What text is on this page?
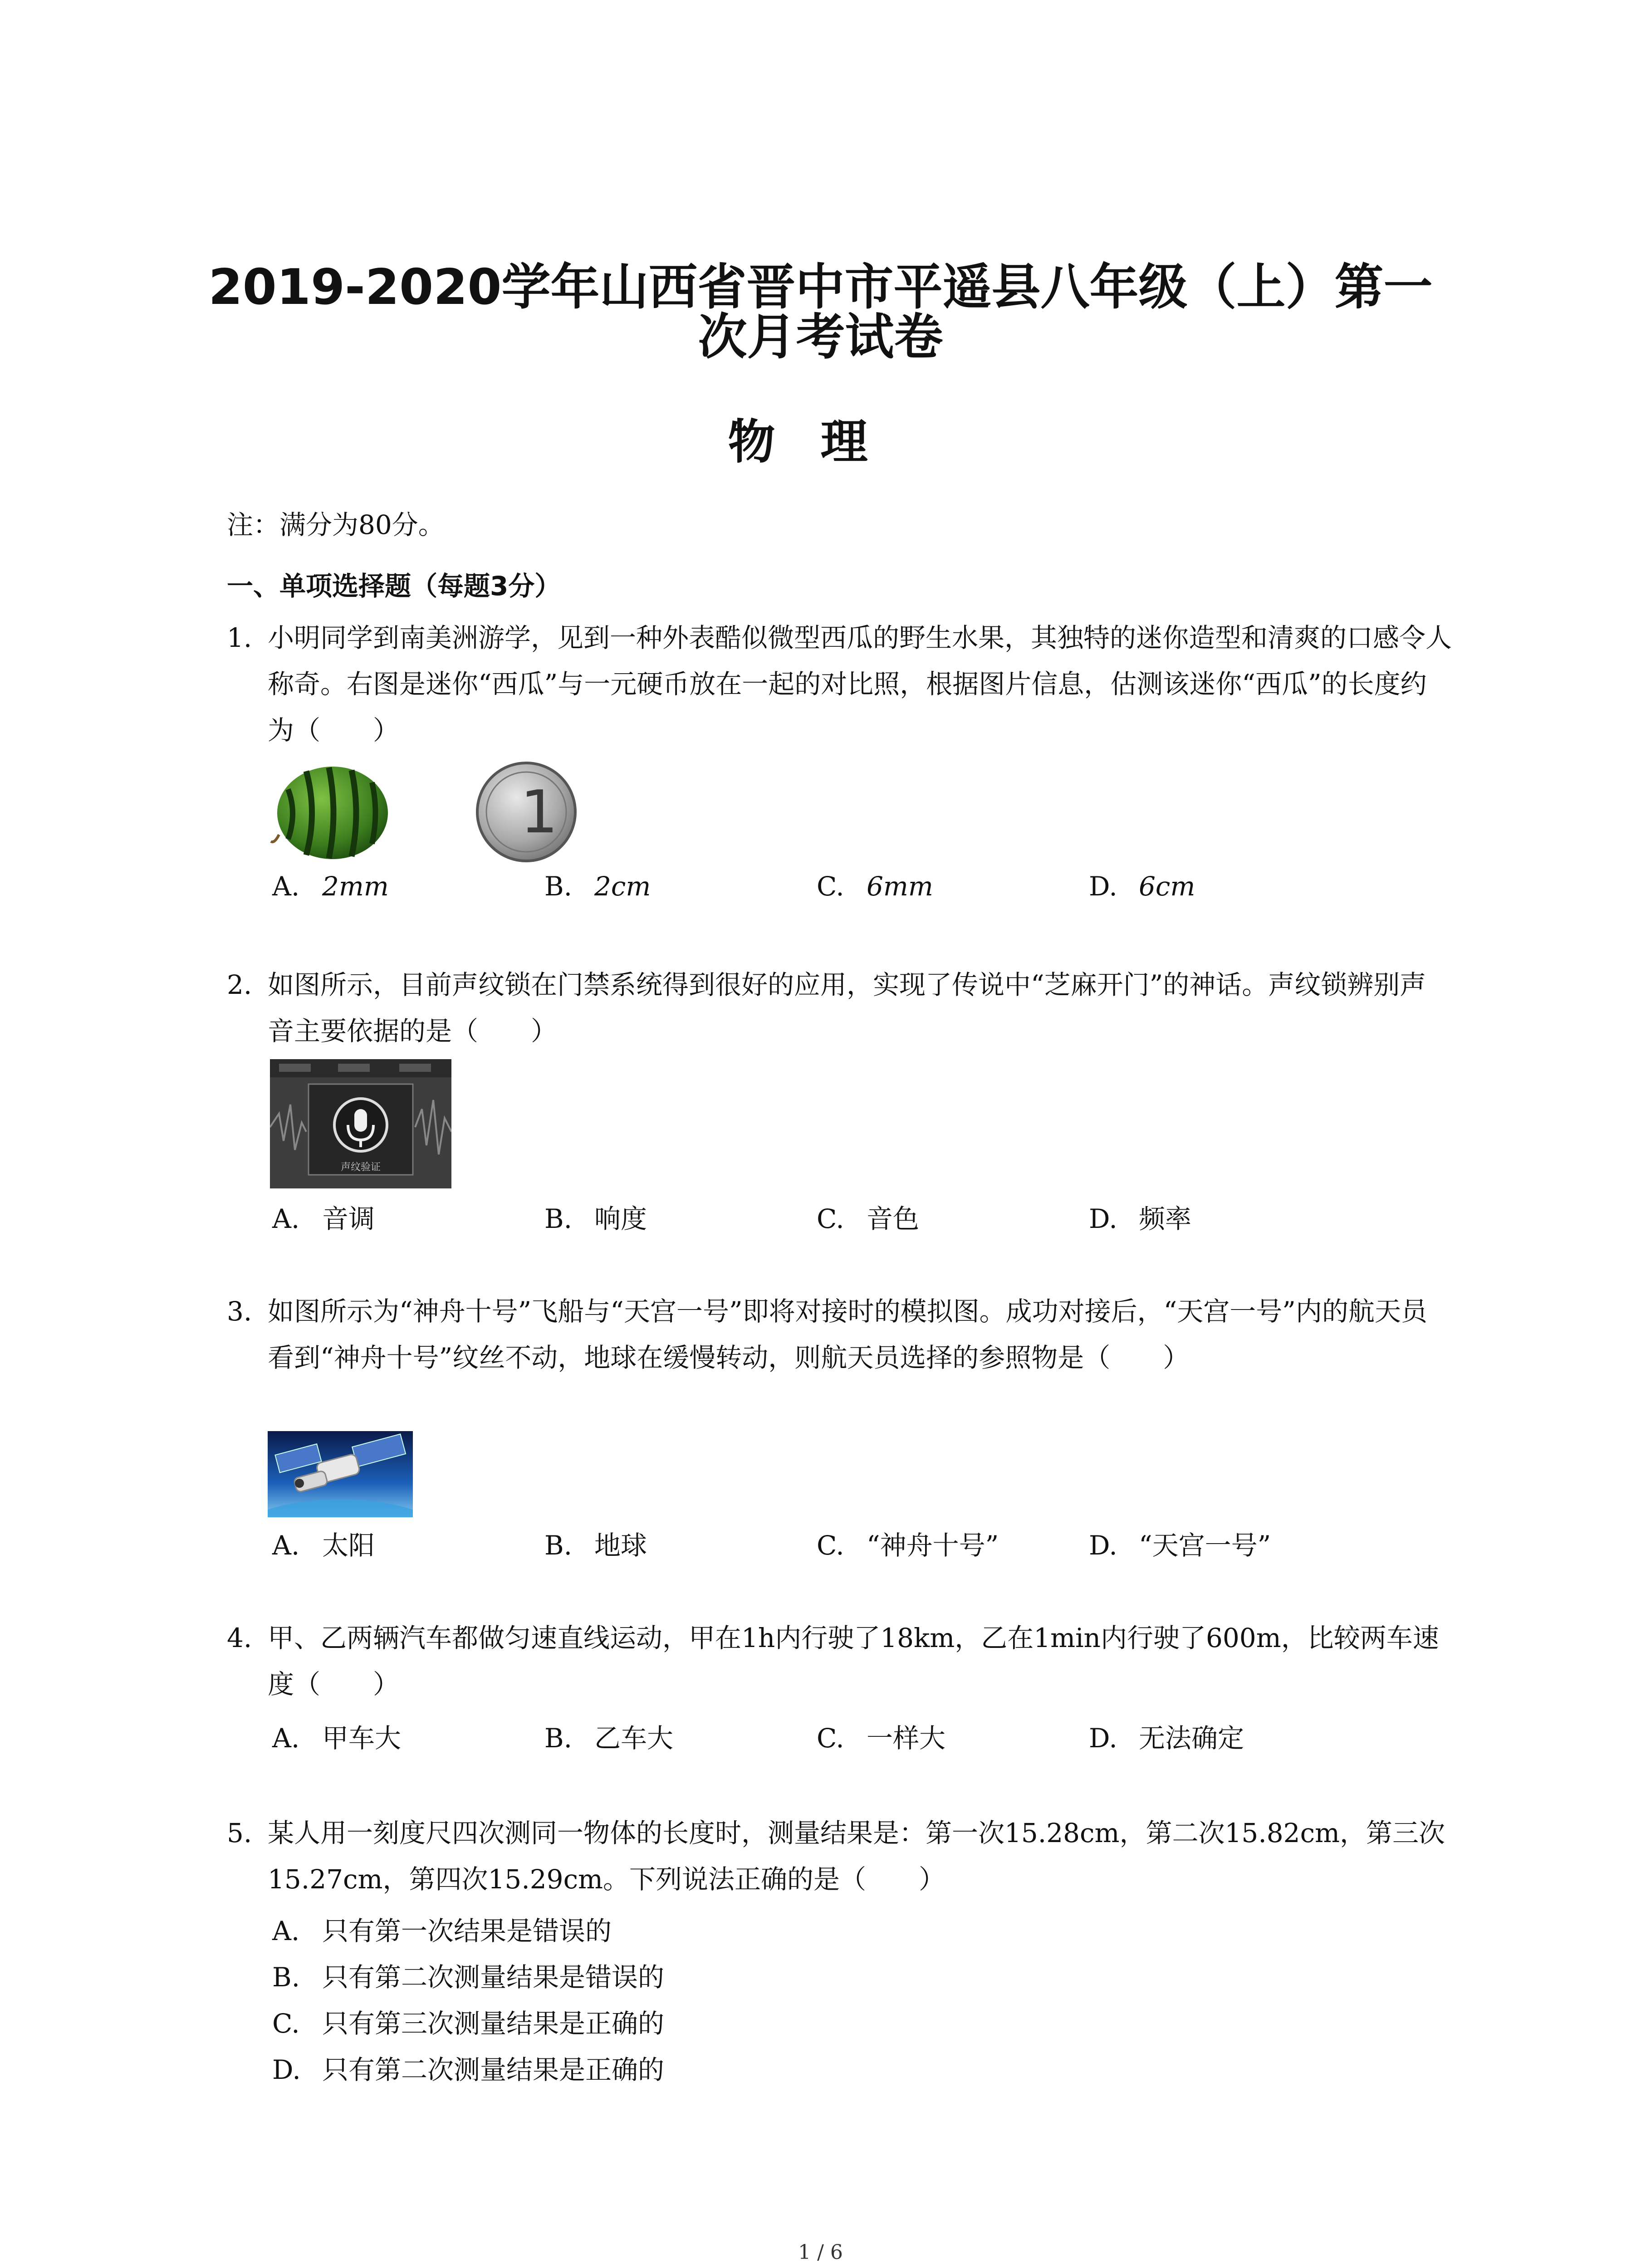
2019-2020学年山西省晋中市平遥县八年级（上）第一
次月考试卷
物理
注：满分为80分。
一、单项选择题（每题3分）
1. 小明同学到南美洲游学，见到一种外表酷似微型西瓜的野生水果，其独特的迷你造型和清爽的口感令人称奇。右图是迷你“西瓜”与一元硬币放在一起的对比照，根据图片信息，估测该迷你“西瓜”的长度约为（　　）
1
A. 2mm	B. 2cm	C. 6mm	D. 6cm
2. 如图所示，目前声纹锁在门禁系统得到很好的应用，实现了传说中“芝麻开门”的神话。声纹锁辨别声音主要依据的是（　　）
声纹验证
A. 音调	B. 响度	C. 音色	D. 频率
3. 如图所示为“神舟十号”飞船与“天宫一号”即将对接时的模拟图。成功对接后，“天宫一号”内的航天员看到“神舟十号”纹丝不动，地球在缓慢转动，则航天员选择的参照物是（　　）
A. 太阳	B. 地球	C. “神舟十号”	D. “天宫一号”
4. 甲、乙两辆汽车都做匀速直线运动，甲在1h内行驶了18km，乙在1min内行驶了600m，比较两车速度（　　）
A. 甲车大	B. 乙车大	C. 一样大	D. 无法确定
5. 某人用一刻度尺四次测同一物体的长度时，测量结果是：第一次15.28cm，第二次15.82cm，第三次15.27cm，第四次15.29cm。下列说法正确的是（　　）
A. 只有第一次结果是错误的
B. 只有第二次测量结果是错误的
C. 只有第三次测量结果是正确的
D. 只有第二次测量结果是正确的
1 / 6
